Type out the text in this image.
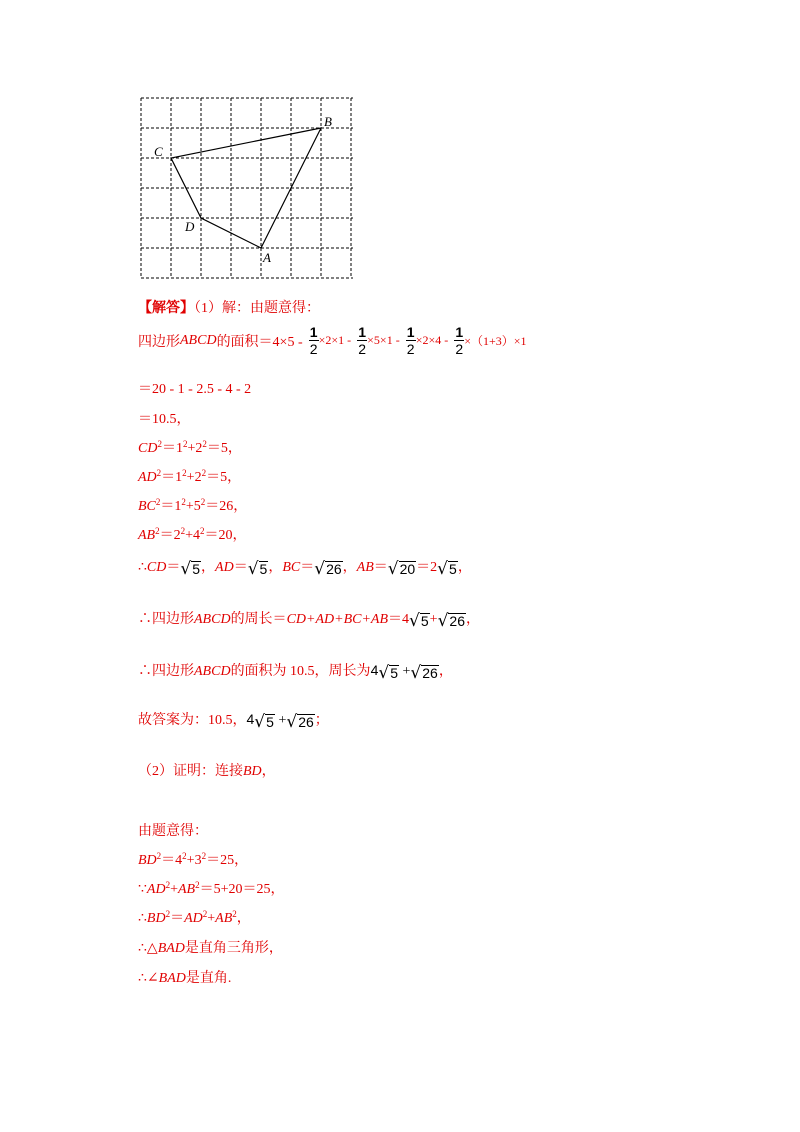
A
B
C
D
【解答】（1）解：由题意得：
四边形 ABCD 的面积$=4\times 5 - \frac{1}{2} \times 2\times 1 - \frac{1}{2} \times 5\times 1 - \frac{1}{2} \times 2\times 4 - \frac{1}{2} \times(1+3)\times 1$
＝20 - 1 - 2.5 - 4 - 2
＝10.5，
$CD^2=1^2+2^2=5$，
$AD^2=1^2+2^2=5$，
$BC^2=1^2+5^2=26$，
$AB^2=2^2+4^2=20$，
∴CD＝ √ 5 ，AD＝ √ 5 ，BC＝ √ 26 ，AB＝ √ 20 ＝2 √ 5 ，
∴四边形ABCD的周长＝CD+AD+BC+AB＝4 √ 5 + √ 26 ，
∴四边形ABCD的面积为 10.5，周长为4 √ 5 + √ 26 ，
故答案为：10.5，4 √ 5 + √ 26 ；
（2）证明：连接BD，
由题意得：
$BD^2=4^2+3^2=25$，
$\because AD^2+AB^2=5+20=25$，
$\therefore BD^2=AD^2+AB^2$，
∴△BAD是直角三角形，
∴∠BAD是直角.
